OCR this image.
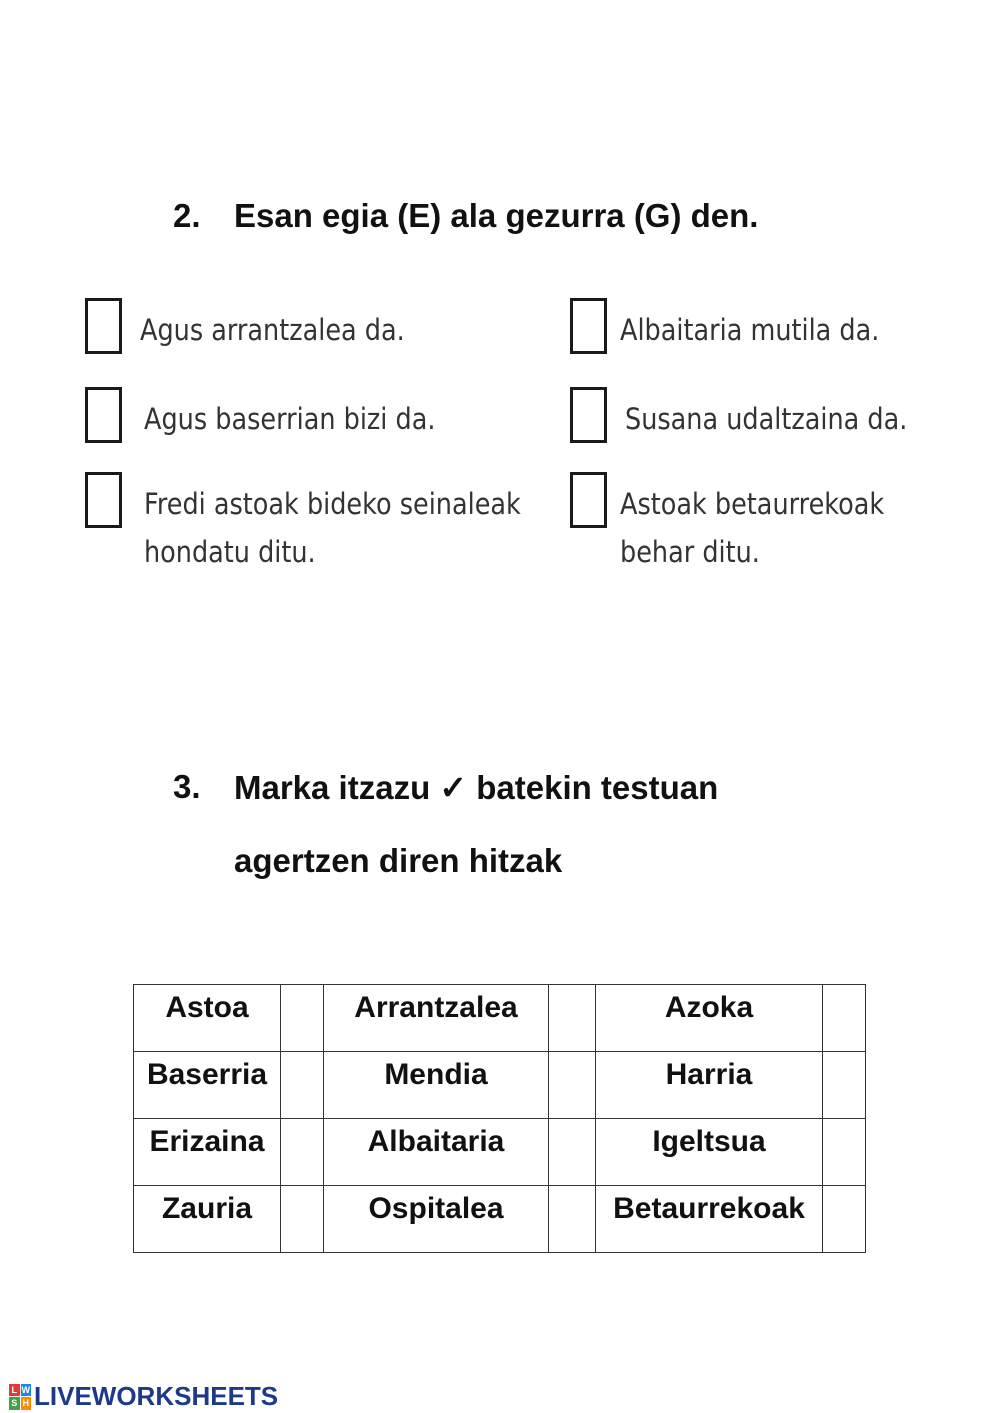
2. Esan egia (E) ala gezurra (G) den.
Agus arrantzalea da.
Agus baserrian bizi da.
Fredi astoak bideko seinaleak
hondatu ditu.
Albaitaria mutila da.
Susana udaltzaina da.
Astoak betaurrekoak
behar ditu.
3. Marka itzazu ✓ batekin testuan
agertzen diren hitzak
Astoa		Arrantzalea		Azoka	
Baserria		Mendia		Harria	
Erizaina		Albaitaria		Igeltsua	
Zauria		Ospitalea		Betaurrekoak	
L W
S H LIVEWORKSHEETS
